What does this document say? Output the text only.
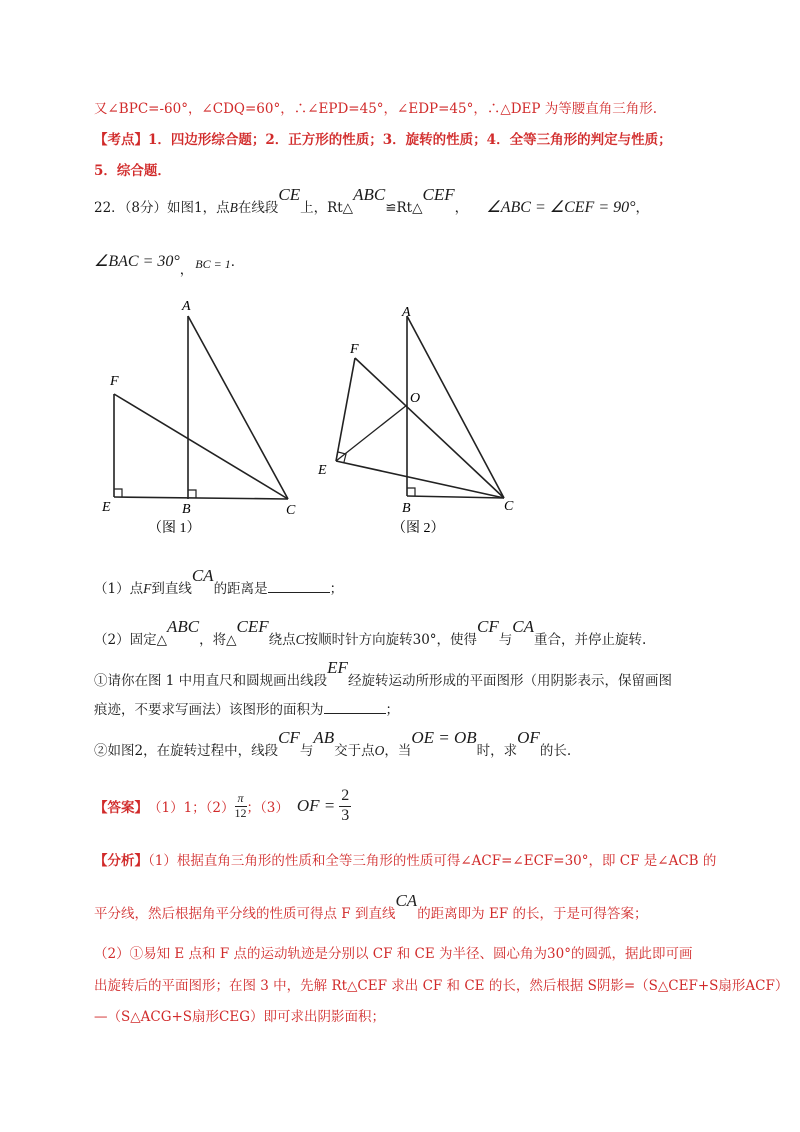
又∠BPC=-60°，∠CDQ=60°，∴∠EPD=45°，∠EDP=45°，∴△DEP 为等腰直角三角形.
【考点】1．四边形综合题；2．正方形的性质；3．旋转的性质；4．全等三角形的判定与性质；
5．综合题．
22．（8分）如图1，点B在线段CE上，Rt△ABC≌Rt△CEF， ∠ABC = ∠CEF = 90°，
∠BAC = 30°， BC = 1．
A
F
E	B	C
（图 1）
A
F
O
E
B	C
（图 2）
（1）点F到直线CA的距离是	；
（2）固定△ABC，将△CEF绕点C按顺时针方向旋转30°，使得CF与CA重合，并停止旋转.
①请你在图 1 中用直尺和圆规画出线段EF经旋转运动所形成的平面图形（用阴影表示，保留画图
痕迹，不要求写画法）该图形的面积为	；
②如图2，在旋转过程中，线段CF与AB交于点O，当OE = OB时，求OF的长.
【答案】 （1）1；$(2) \frac{\pi}{12}$ ；（3） OF = $\frac{2}{3}$
【分析】（1）根据直角三角形的性质和全等三角形的性质可得∠ACF=∠ECF=30°，即 CF 是∠ACB 的
平分线，然后根据角平分线的性质可得点 F 到直线CA的距离即为 EF 的长，于是可得答案；
（2）①易知 E 点和 F 点的运动轨迹是分别以 CF 和 CE 为半径、圆心角为30°的圆弧，据此即可画
出旋转后的平面图形；在图 3 中，先解 Rt△CEF 求出 CF 和 CE 的长，然后根据 S阴影=（S△CEF+S扇形ACF）
—（S△ACG+S扇形CEG）即可求出阴影面积；
